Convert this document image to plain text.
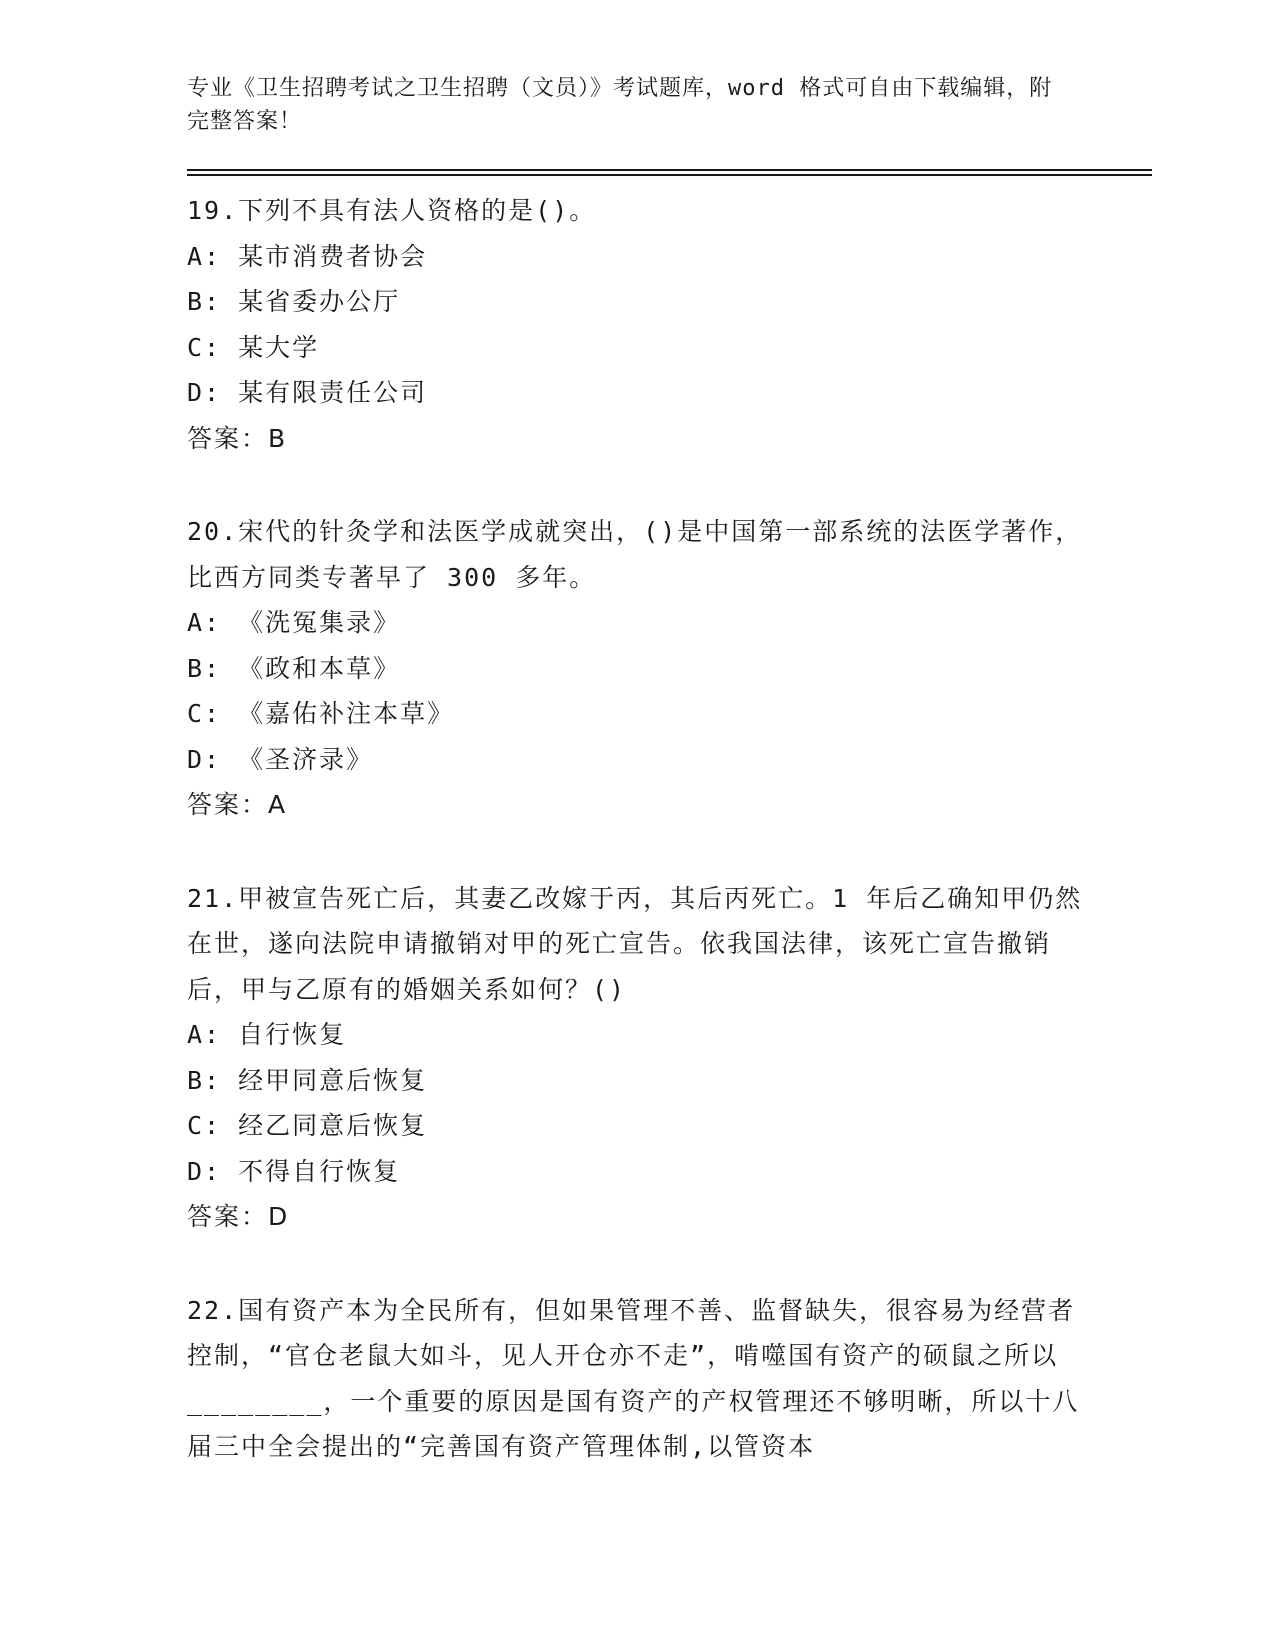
专业《卫生招聘考试之卫生招聘（文员）》考试题库，word 格式可自由下载编辑，附完整答案！

19.下列不具有法人资格的是()。

A: 某市消费者协会

B: 某省委办公厅

C: 某大学

D: 某有限责任公司

答案：B

20.宋代的针灸学和法医学成就突出，()是中国第一部系统的法医学著作，比西方同类专著早了 300 多年。

A: 《洗冤集录》

B: 《政和本草》

C: 《嘉佑补注本草》

D: 《圣济录》

答案：A

21.甲被宣告死亡后，其妻乙改嫁于丙，其后丙死亡。1 年后乙确知甲仍然在世，遂向法院申请撤销对甲的死亡宣告。依我国法律，该死亡宣告撤销后，甲与乙原有的婚姻关系如何？()

A: 自行恢复

B: 经甲同意后恢复

C: 经乙同意后恢复

D: 不得自行恢复

答案：D

22.国有资产本为全民所有，但如果管理不善、监督缺失，很容易为经营者控制，“官仓老鼠大如斗，见人开仓亦不走”，啃噬国有资产的硕鼠之所以________，一个重要的原因是国有资产的产权管理还不够明晰，所以十八届三中全会提出的“完善国有资产管理体制,以管资本
